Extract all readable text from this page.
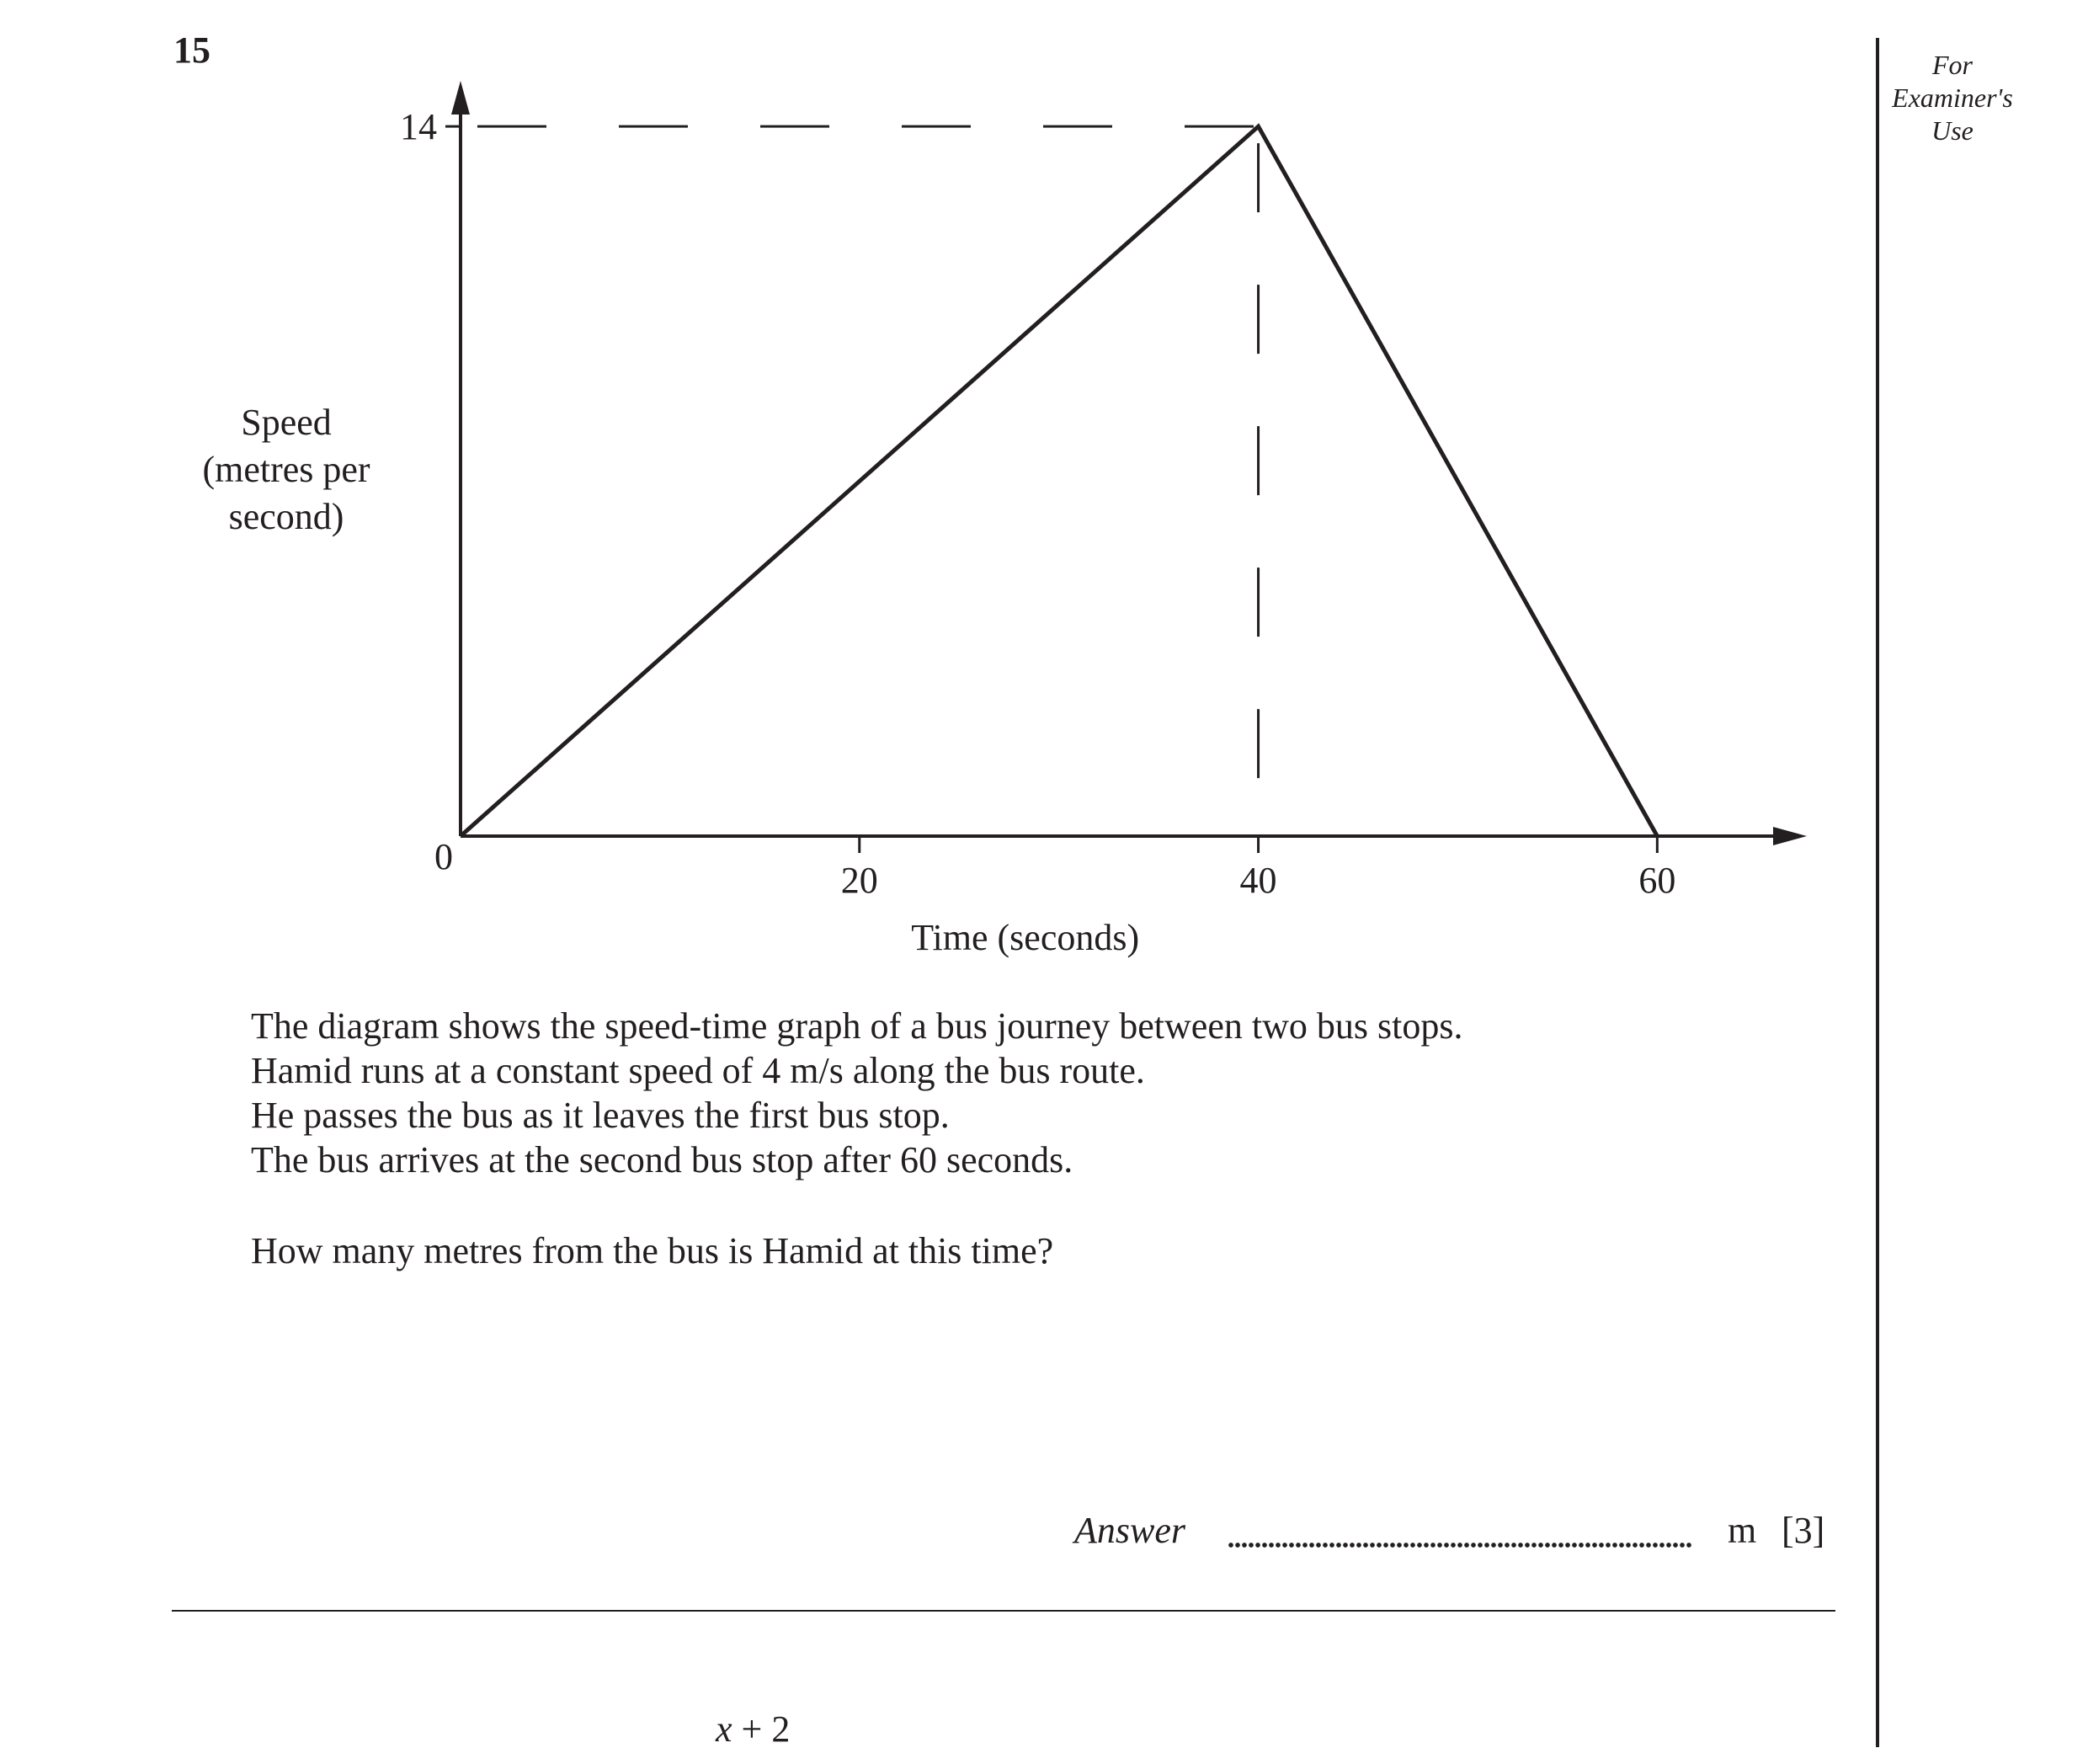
15	For Examiner's Use
20	40	60
14
0
Time (seconds)
Speed
(metres per
second)

The diagram shows the speed-time graph of a bus journey between two bus stops.

Hamid runs at a constant speed of 4 m/s along the bus route.

He passes the bus as it leaves the first bus stop.

The bus arrives at the second bus stop after 60 seconds.

How many metres from the bus is Hamid at this time?

Answer	m [3]
x + 2
